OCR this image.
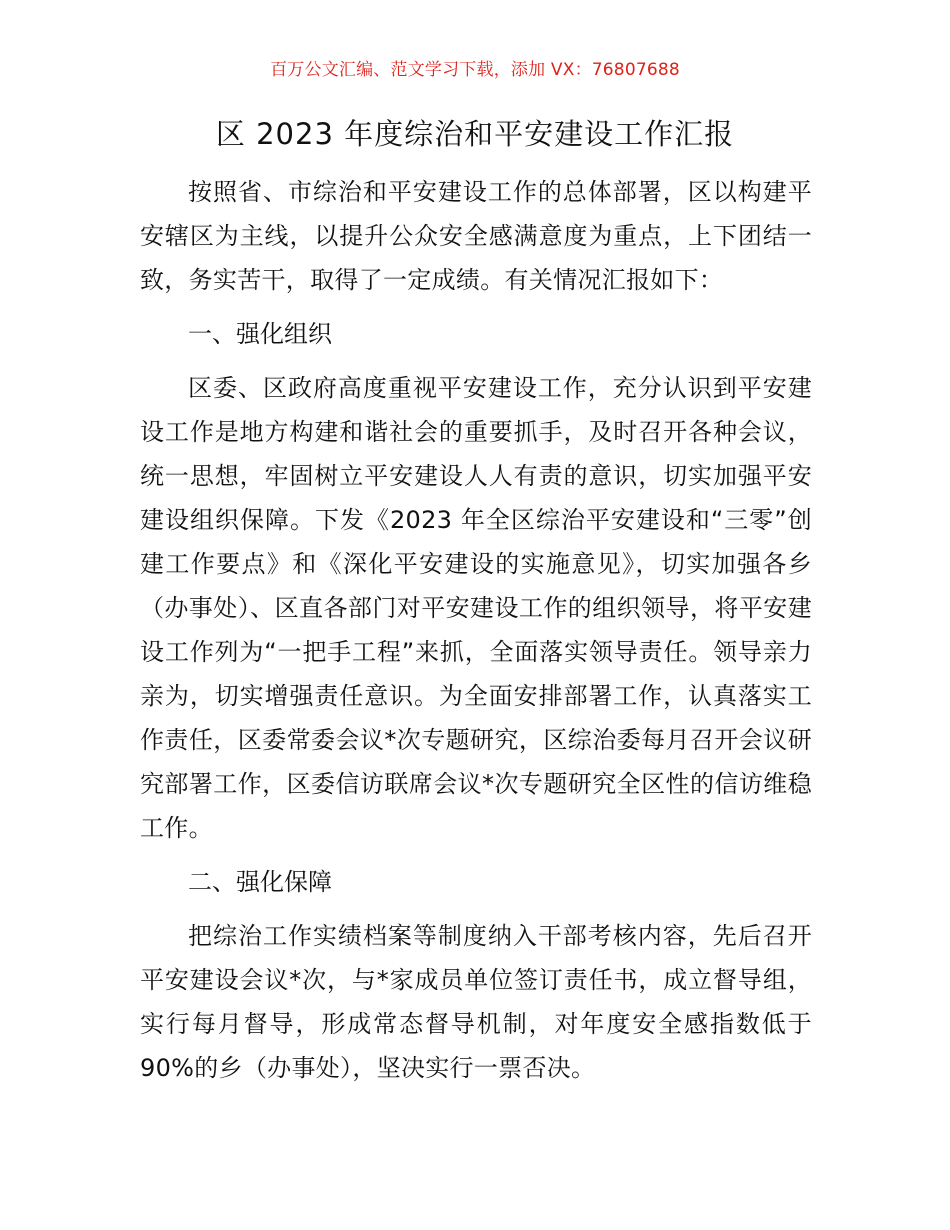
百万公文汇编、范文学习下载，添加 VX：76807688
区 2023 年度综治和平安建设工作汇报

按照省、市综治和平安建设工作的总体部署，区以构建平安辖区为主线，以提升公众安全感满意度为重点，上下团结一致，务实苦干，取得了一定成绩。有关情况汇报如下：

一、强化组织

区委、区政府高度重视平安建设工作，充分认识到平安建设工作是地方构建和谐社会的重要抓手，及时召开各种会议，统一思想，牢固树立平安建设人人有责的意识，切实加强平安建设组织保障。下发《2023 年全区综治平安建设和“三零”创建工作要点》和《深化平安建设的实施意见》，切实加强各乡（办事处）、区直各部门对平安建设工作的组织领导，将平安建设工作列为“一把手工程”来抓，全面落实领导责任。领导亲力亲为，切实增强责任意识。为全面安排部署工作，认真落实工作责任，区委常委会议*次专题研究，区综治委每月召开会议研究部署工作，区委信访联席会议*次专题研究全区性的信访维稳工作。

二、强化保障

把综治工作实绩档案等制度纳入干部考核内容，先后召开平安建设会议*次，与*家成员单位签订责任书，成立督导组，实行每月督导，形成常态督导机制，对年度安全感指数低于 90%的乡（办事处），坚决实行一票否决。
